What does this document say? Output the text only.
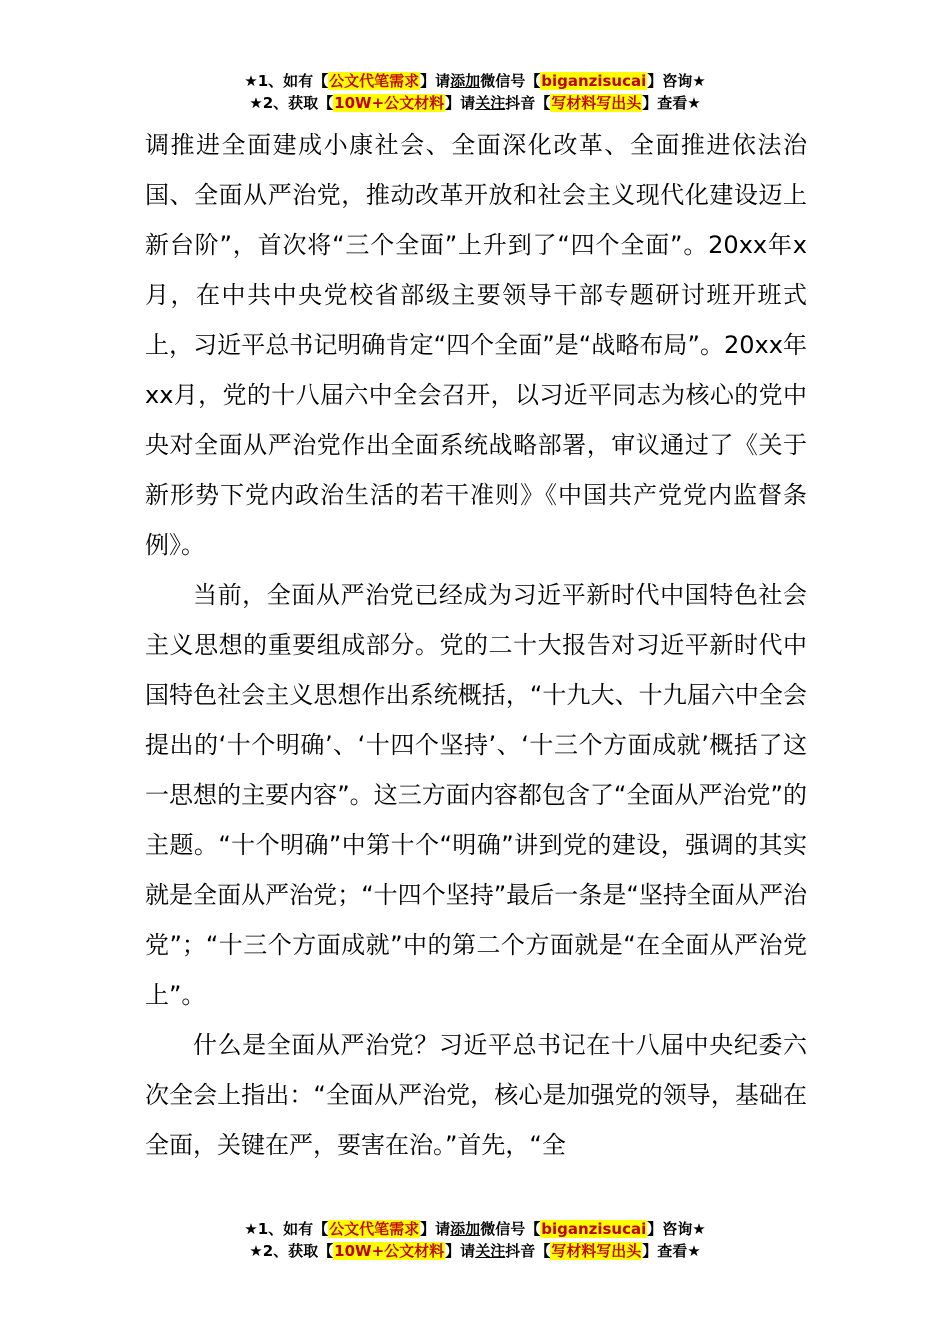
★1、如有【公文代笔需求】请添加微信号【biganzisucai】咨询★
★2、获取【10W+公文材料】请关注抖音【写材料写出头】查看★

调推进全面建成小康社会、全面深化改革、全面推进依法治国、全面从严治党，推动改革开放和社会主义现代化建设迈上新台阶”，首次将“三个全面”上升到了“四个全面”。20xx年x月，在中共中央党校省部级主要领导干部专题研讨班开班式上，习近平总书记明确肯定“四个全面”是“战略布局”。20xx年xx月，党的十八届六中全会召开，以习近平同志为核心的党中央对全面从严治党作出全面系统战略部署，审议通过了《关于新形势下党内政治生活的若干准则》《中国共产党党内监督条例》。

当前，全面从严治党已经成为习近平新时代中国特色社会主义思想的重要组成部分。党的二十大报告对习近平新时代中国特色社会主义思想作出系统概括，“十九大、十九届六中全会提出的‘十个明确’、‘十四个坚持’、‘十三个方面成就’概括了这一思想的主要内容”。这三方面内容都包含了“全面从严治党”的主题。“十个明确”中第十个“明确”讲到党的建设，强调的其实就是全面从严治党；“十四个坚持”最后一条是“坚持全面从严治党”；“十三个方面成就”中的第二个方面就是“在全面从严治党上”。

什么是全面从严治党？习近平总书记在十八届中央纪委六次全会上指出：“全面从严治党，核心是加强党的领导，基础在全面，关键在严，要害在治。”首先，“全

★1、如有【公文代笔需求】请添加微信号【biganzisucai】咨询★
★2、获取【10W+公文材料】请关注抖音【写材料写出头】查看★
